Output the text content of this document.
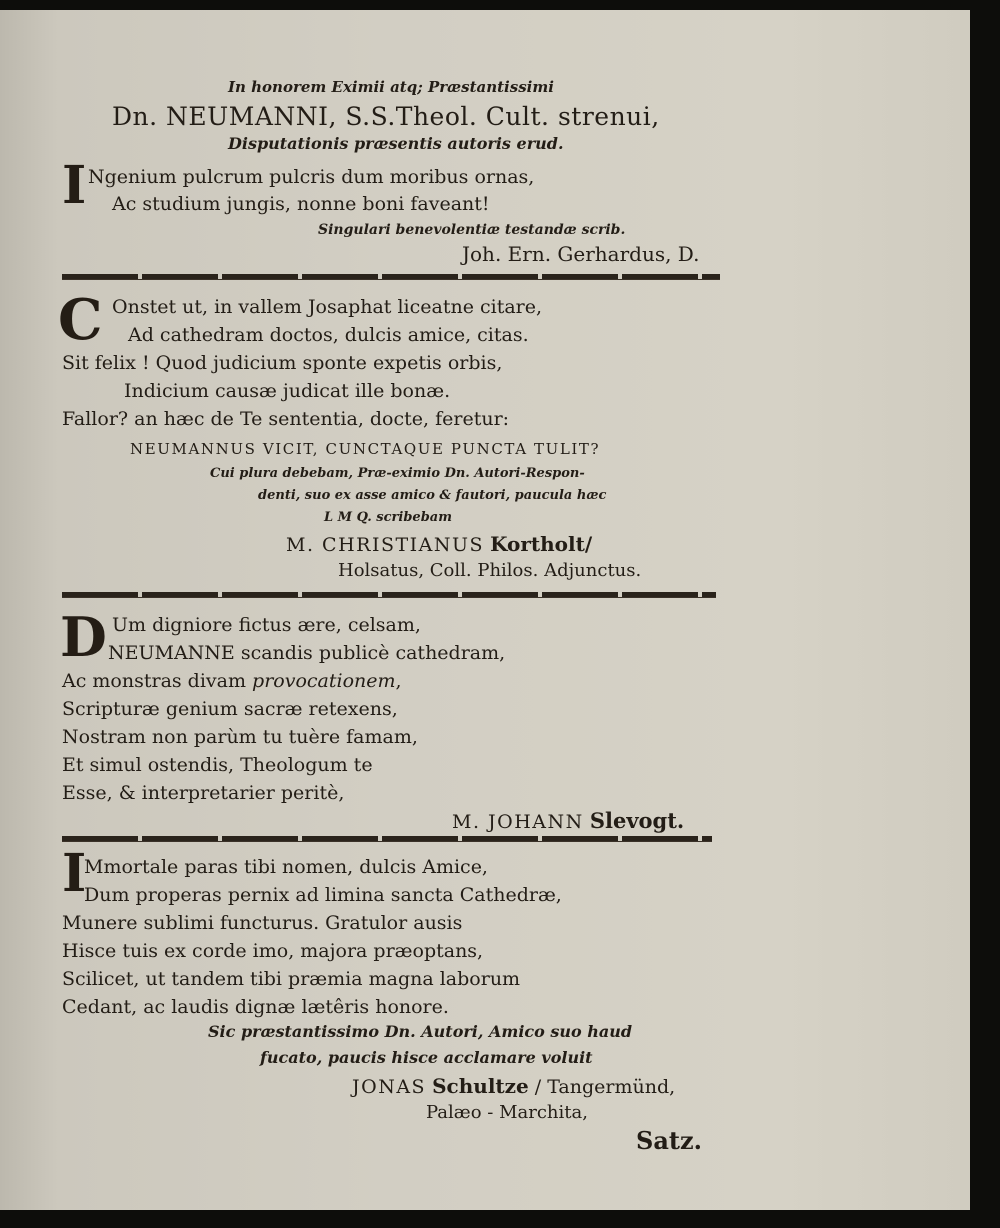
In honorem Eximii atq; Præstantissimi
Dn. NEUMANNI, S.S.Theol. Cult. strenui,
Disputationis præsentis autoris erud.
I Ngenium pulcrum pulcris dum moribus ornas,
Ac studium jungis, nonne boni faveant!
Singulari benevolentiæ testandæ scrib.
Joh. Ern. Gerhardus, D.
C Onstet ut, in vallem Josaphat liceatne citare,
Ad cathedram doctos, dulcis amice, citas.
Sit felix ! Quod judicium sponte expetis orbis,
Indicium causæ judicat ille bonæ.
Fallor? an hæc de Te sententia, docte, feretur:
NEUMANNUS VICIT, CUNCTAQUE PUNCTA TULIT?
Cui plura debebam, Præ-eximio Dn. Autori-Respon-
denti, suo ex asse amico & fautori, paucula hæc
L M Q. scribebam
M. CHRISTIANUS Kortholt/
Holsatus, Coll. Philos. Adjunctus.
D Um digniore fictus ære, celsam,
NEUMANNE scandis publicè cathedram,
Ac monstras divam provocationem,
Scripturæ genium sacræ retexens,
Nostram non parùm tu tuère famam,
Et simul ostendis, Theologum te
Esse, & interpretarier peritè,
M. JOHANN Slevogt.
I
Mmortale paras tibi nomen, dulcis Amice,
Dum properas pernix ad limina sancta Cathedræ,
Munere sublimi functurus. Gratulor ausis
Hisce tuis ex corde imo, majora præoptans,
Scilicet, ut tandem tibi præmia magna laborum
Cedant, ac laudis dignæ lætêris honore.
Sic præstantissimo Dn. Autori, Amico suo haud
fucato, paucis hisce acclamare voluit
JONAS Schultze / Tangermünd,
Palæo - Marchita,
Satz.
